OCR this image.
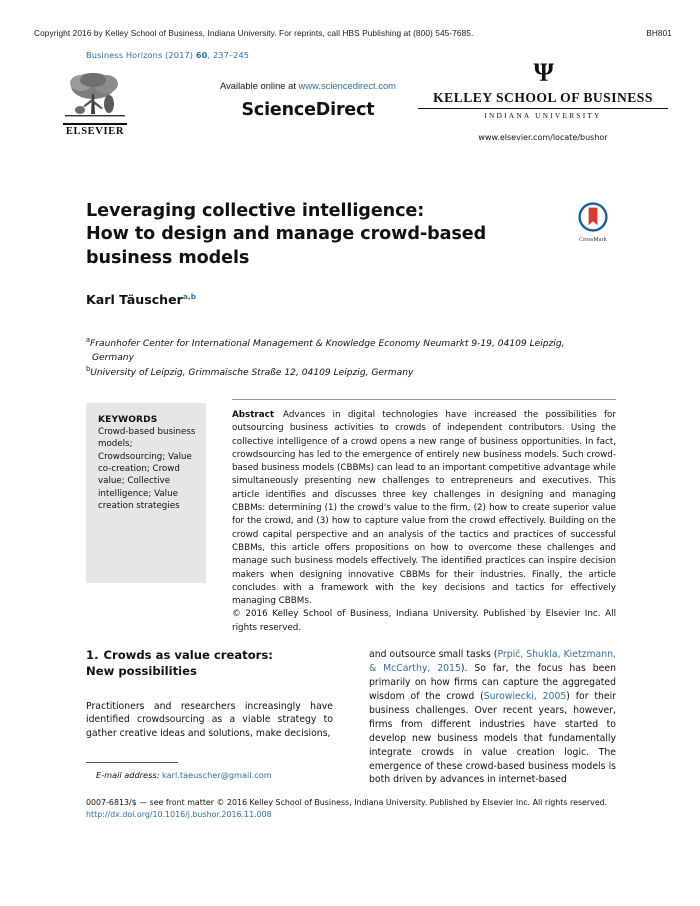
Copyright 2016 by Kelley School of Business, Indiana University. For reprints, call HBS Publishing at (800) 545-7685.	BH801
Business Horizons (2017) 60, 237–245
ELSEVIER
Available online at www.sciencedirect.com
ScienceDirect
Ψ
KELLEY SCHOOL OF BUSINESS
INDIANA UNIVERSITY
www.elsevier.com/locate/bushor
Leveraging collective intelligence:
How to design and manage crowd-based
business models
Karl Täuscher$^{a,b}$
CrossMark
$^a$Fraunhofer Center for International Management & Knowledge Economy Neumarkt 9-19, 04109 Leipzig,
Germany
$^b$University of Leipzig, Grimmaische Straße 12, 04109 Leipzig, Germany
KEYWORDS
Crowd-based business models; Crowdsourcing; Value co-creation; Crowd value; Collective intelligence; Value creation strategies
Abstract Advances in digital technologies have increased the possibilities for outsourcing business activities to crowds of independent contributors. Using the collective intelligence of a crowd opens a new range of business opportunities. In fact, crowdsourcing has led to the emergence of entirely new business models. Such crowd-based business models (CBBMs) can lead to an important competitive advantage while simultaneously presenting new challenges to entrepreneurs and executives. This article identifies and discusses three key challenges in designing and managing CBBMs: determining (1) the crowd's value to the firm, (2) how to create superior value for the crowd, and (3) how to capture value from the crowd effectively. Building on the crowd capital perspective and an analysis of the tactics and practices of successful CBBMs, this article offers propositions on how to overcome these challenges and manage such business models effectively. The identified practices can inspire decision makers when designing innovative CBBMs for their industries. Finally, the article concludes with a framework with the key decisions and tactics for effectively managing CBBMs.
© 2016 Kelley School of Business, Indiana University. Published by Elsevier Inc. All rights reserved.
1. Crowds as value creators:
New possibilities

Practitioners and researchers increasingly have identified crowdsourcing as a viable strategy to gather creative ideas and solutions, make decisions,

and outsource small tasks (Prpić, Shukla, Kietzmann, & McCarthy, 2015). So far, the focus has been primarily on how firms can capture the aggregated wisdom of the crowd (Surowiecki, 2005) for their business challenges. Over recent years, however, firms from different industries have started to develop new business models that fundamentally integrate crowds in value creation logic. The emergence of these crowd-based business models is both driven by advances in internet-based

E-mail address: karl.taeuscher@gmail.com
0007-6813/$ — see front matter © 2016 Kelley School of Business, Indiana University. Published by Elsevier Inc. All rights reserved.
http://dx.doi.org/10.1016/j.bushor.2016.11.008
